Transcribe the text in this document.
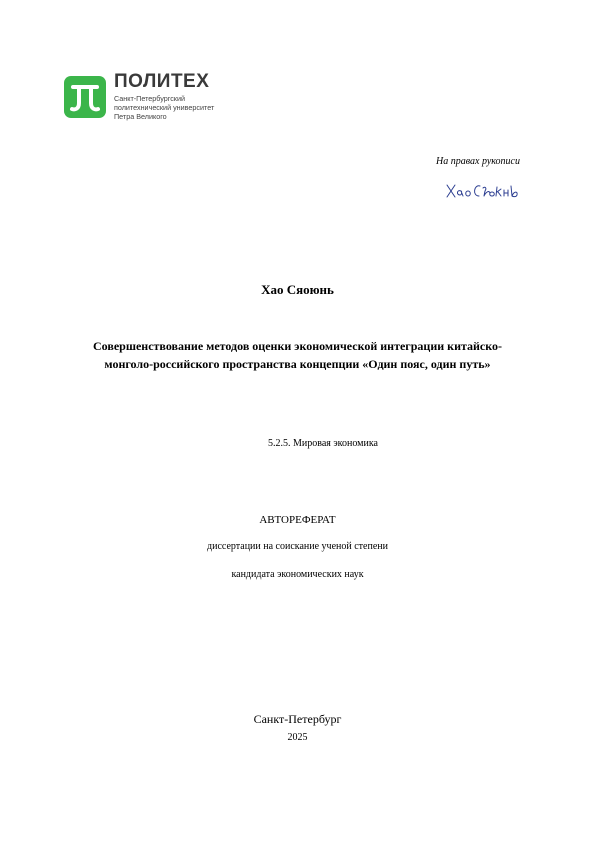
ПОЛИТЕХ
Санкт-Петербургский
политехнический университет
Петра Великого
На правах рукописи
Хао Сяоюнь
Совершенствование методов оценки экономической интеграции китайско-
монголо-российского пространства концепции «Один пояс, один путь»
5.2.5. Мировая экономика
АВТОРЕФЕРАТ
диссертации на соискание ученой степени
кандидата экономических наук
Санкт-Петербург
2025
